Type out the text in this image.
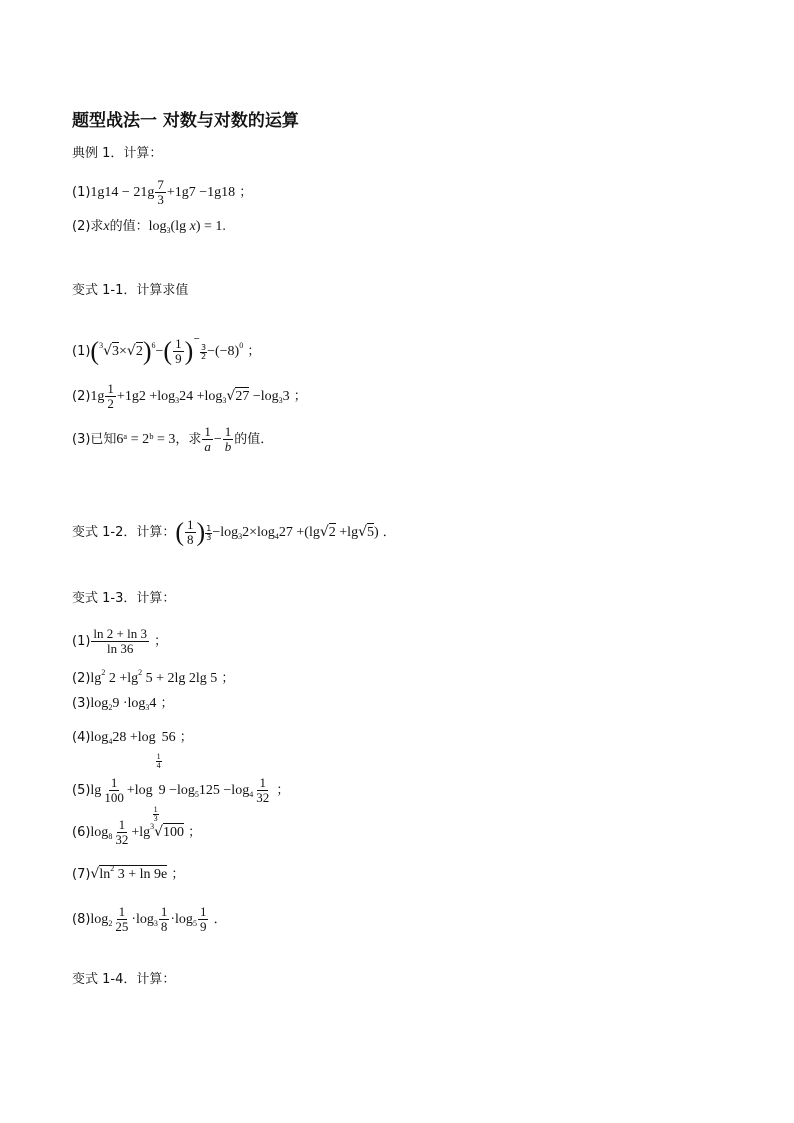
题型战法一 对数与对数的运算
典例 1．计算：
$(1)1g14 - 21g \frac{7}{3} +1g7 -1g18$ ；
(2)求x的值：$\log_3(\lg$ x) = 1.
变式 1-1．计算求值
$(1)(^3√3\times√2)^6-( \frac{1}{9}$ )−
$\frac{3}{2} -(-8)^0$ ；
$(2)1g \frac{1}{2} +1g2 +\log_324 +\log_3√27 -\log_33$ ；
(3)已知6ᵃ = 2ᵇ = 3，求 $\frac{1}{a} - \frac{1}{b}$ 的值．
变式 1-2．计算：( $\frac{1}{8}$ ) $\frac{1}{3} -\log_32\times\log_427 +(\lg√2 +\lg√5)$ ．
变式 1-3．计算：
$(1) \frac{\ln 2 + \ln 3}{\ln 36}$ ；
$(2)\lg^2$ $2 +\lg^2$ 5 + 2lg 2lg 5 ；
$(3)\log_29 \cdot\log_34$ ；
$(4)\log_428 +\log$
$\frac{1}{4}$
56 ；
$(5)\lg \frac{1}{100} +\log$
$\frac{1}{3}$
$9 -\log_5125 -\log_4 \frac{1}{32}$ ；
$(6)\log_8 \frac{1}{32} +\lg^3√100$ ；
$(7)√\ln^2$ 3 + ln 9e ；
$(8)\log_2 \frac{1}{25} \cdot\log_3 \frac{1}{8} \cdot\log_5 \frac{1}{9}$ ．
变式 1-4．计算：
